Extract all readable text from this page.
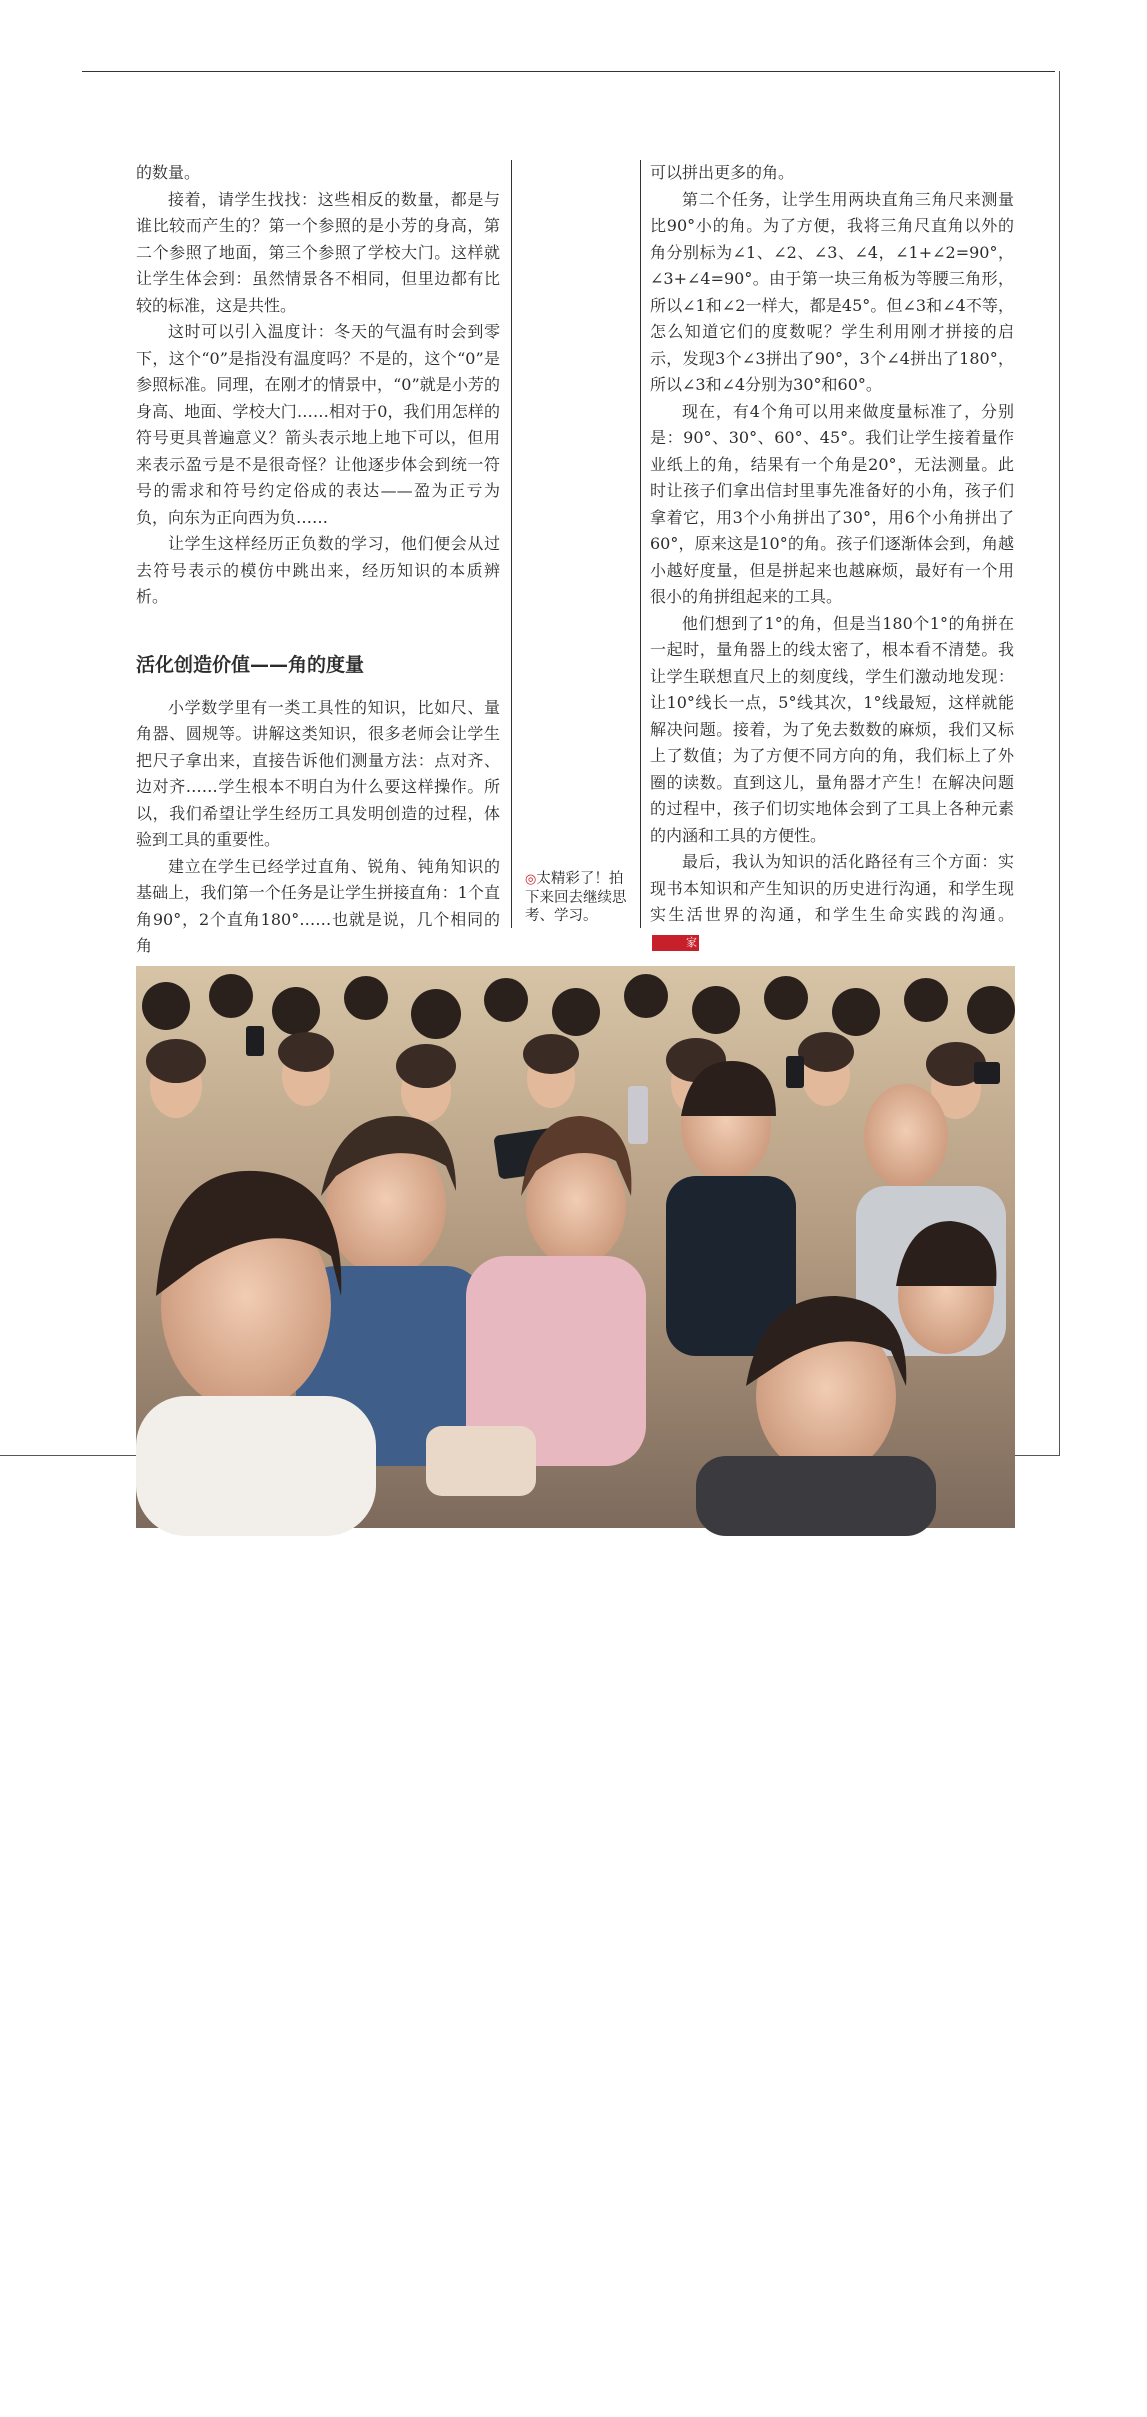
的数量。

接着，请学生找找：这些相反的数量，都是与谁比较而产生的？第一个参照的是小芳的身高，第二个参照了地面，第三个参照了学校大门。这样就让学生体会到：虽然情景各不相同，但里边都有比较的标准，这是共性。

这时可以引入温度计：冬天的气温有时会到零下，这个“0”是指没有温度吗？不是的，这个“0”是参照标准。同理，在刚才的情景中，“0”就是小芳的身高、地面、学校大门……相对于0，我们用怎样的符号更具普遍意义？箭头表示地上地下可以，但用来表示盈亏是不是很奇怪？让他逐步体会到统一符号的需求和符号约定俗成的表达——盈为正亏为负，向东为正向西为负……

让学生这样经历正负数的学习，他们便会从过去符号表示的模仿中跳出来，经历知识的本质辨析。

活化创造价值——角的度量

小学数学里有一类工具性的知识，比如尺、量角器、圆规等。讲解这类知识，很多老师会让学生把尺子拿出来，直接告诉他们测量方法：点对齐、边对齐……学生根本不明白为什么要这样操作。所以，我们希望让学生经历工具发明创造的过程，体验到工具的重要性。

建立在学生已经学过直角、锐角、钝角知识的基础上，我们第一个任务是让学生拼接直角：1个直角90°，2个直角180°……也就是说，几个相同的角

◎太精彩了！拍下来回去继续思考、学习。

可以拼出更多的角。

第二个任务，让学生用两块直角三角尺来测量比90°小的角。为了方便，我将三角尺直角以外的角分别标为∠1、∠2、∠3、∠4，∠1+∠2=90°，∠3+∠4=90°。由于第一块三角板为等腰三角形，所以∠1和∠2一样大，都是45°。但∠3和∠4不等，怎么知道它们的度数呢？学生利用刚才拼接的启示，发现3个∠3拼出了90°，3个∠4拼出了180°，所以∠3和∠4分别为30°和60°。

现在，有4个角可以用来做度量标准了，分别是：90°、30°、60°、45°。我们让学生接着量作业纸上的角，结果有一个角是20°，无法测量。此时让孩子们拿出信封里事先准备好的小角，孩子们拿着它，用3个小角拼出了30°，用6个小角拼出了60°，原来这是10°的角。孩子们逐渐体会到，角越小越好度量，但是拼起来也越麻烦，最好有一个用很小的角拼组起来的工具。

他们想到了1°的角，但是当180个1°的角拼在一起时，量角器上的线太密了，根本看不清楚。我让学生联想直尺上的刻度线，学生们激动地发现：让10°线长一点，5°线其次，1°线最短，这样就能解决问题。接着，为了免去数数的麻烦，我们又标上了数值；为了方便不同方向的角，我们标上了外圈的读数。直到这儿，量角器才产生！在解决问题的过程中，孩子们切实地体会到了工具上各种元素的内涵和工具的方便性。

最后，我认为知识的活化路径有三个方面：实现书本知识和产生知识的历史进行沟通，和学生现实生活世界的沟通，和学生生命实践的沟通。家

55
